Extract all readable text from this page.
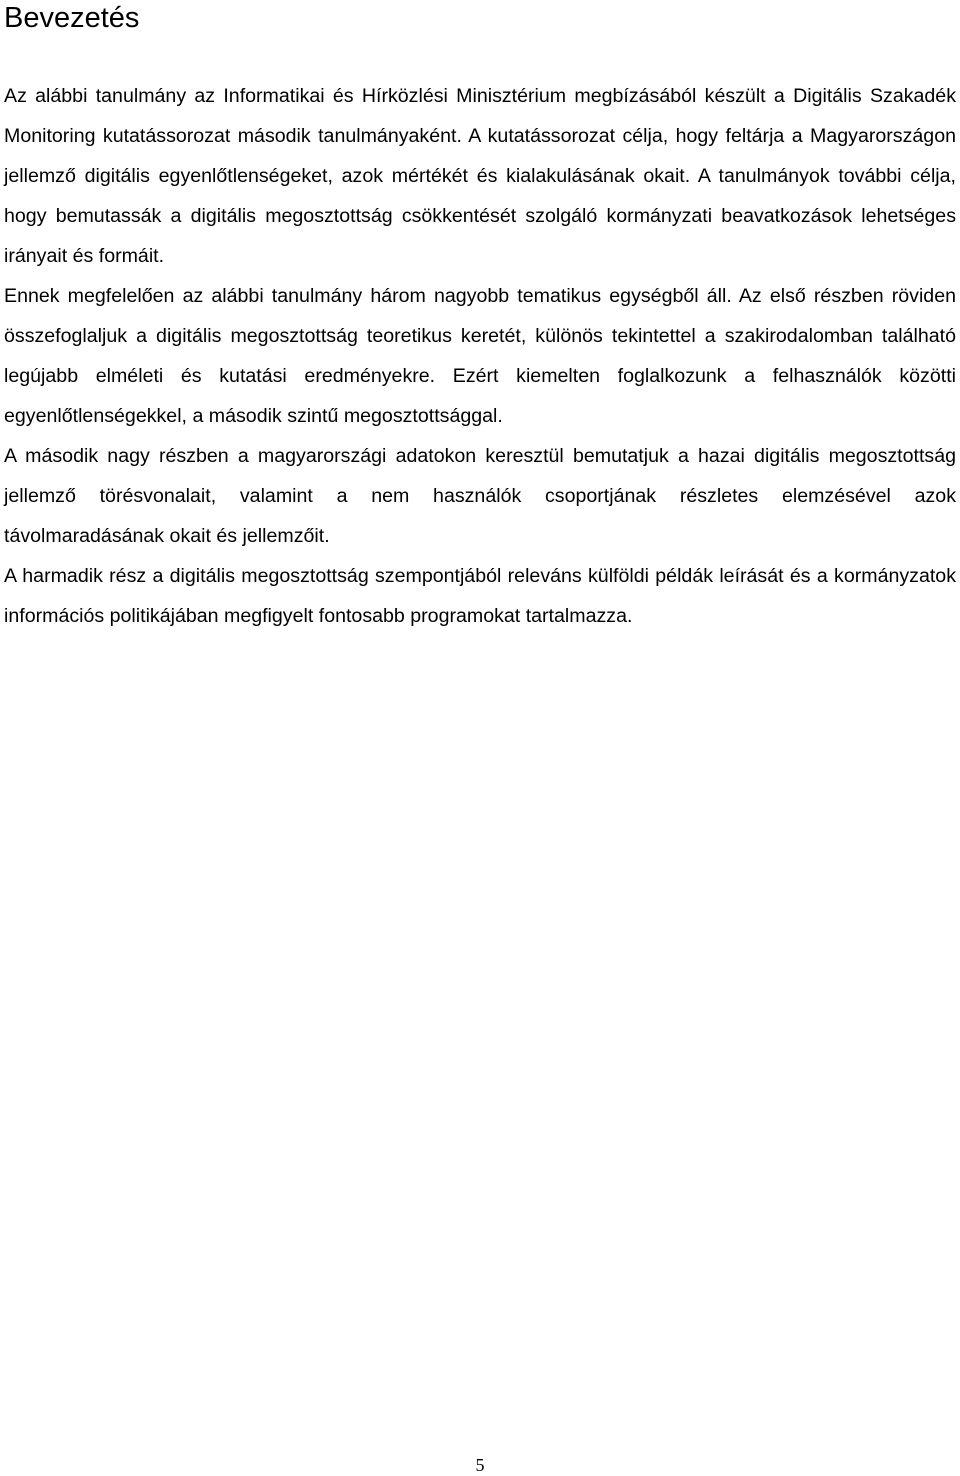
Bevezetés

Az alábbi tanulmány az Informatikai és Hírközlési Minisztérium megbízásából készült a Digitális Szakadék Monitoring kutatássorozat második tanulmányaként. A kutatássorozat célja, hogy feltárja a Magyarországon jellemző digitális egyenlőtlenségeket, azok mértékét és kialakulásának okait. A tanulmányok további célja, hogy bemutassák a digitális megosztottság csökkentését szolgáló kormányzati beavatkozások lehetséges irányait és formáit.

Ennek megfelelően az alábbi tanulmány három nagyobb tematikus egységből áll. Az első részben röviden összefoglaljuk a digitális megosztottság teoretikus keretét, különös tekintettel a szakirodalomban található legújabb elméleti és kutatási eredményekre. Ezért kiemelten foglalkozunk a felhasználók közötti egyenlőtlenségekkel, a második szintű megosztottsággal.

A második nagy részben a magyarországi adatokon keresztül bemutatjuk a hazai digitális megosztottság jellemző törésvonalait, valamint a nem használók csoportjának részletes elemzésével azok távolmaradásának okait és jellemzőit.

A harmadik rész a digitális megosztottság szempontjából releváns külföldi példák leírását és a kormányzatok információs politikájában megfigyelt fontosabb programokat tartalmazza.

5
